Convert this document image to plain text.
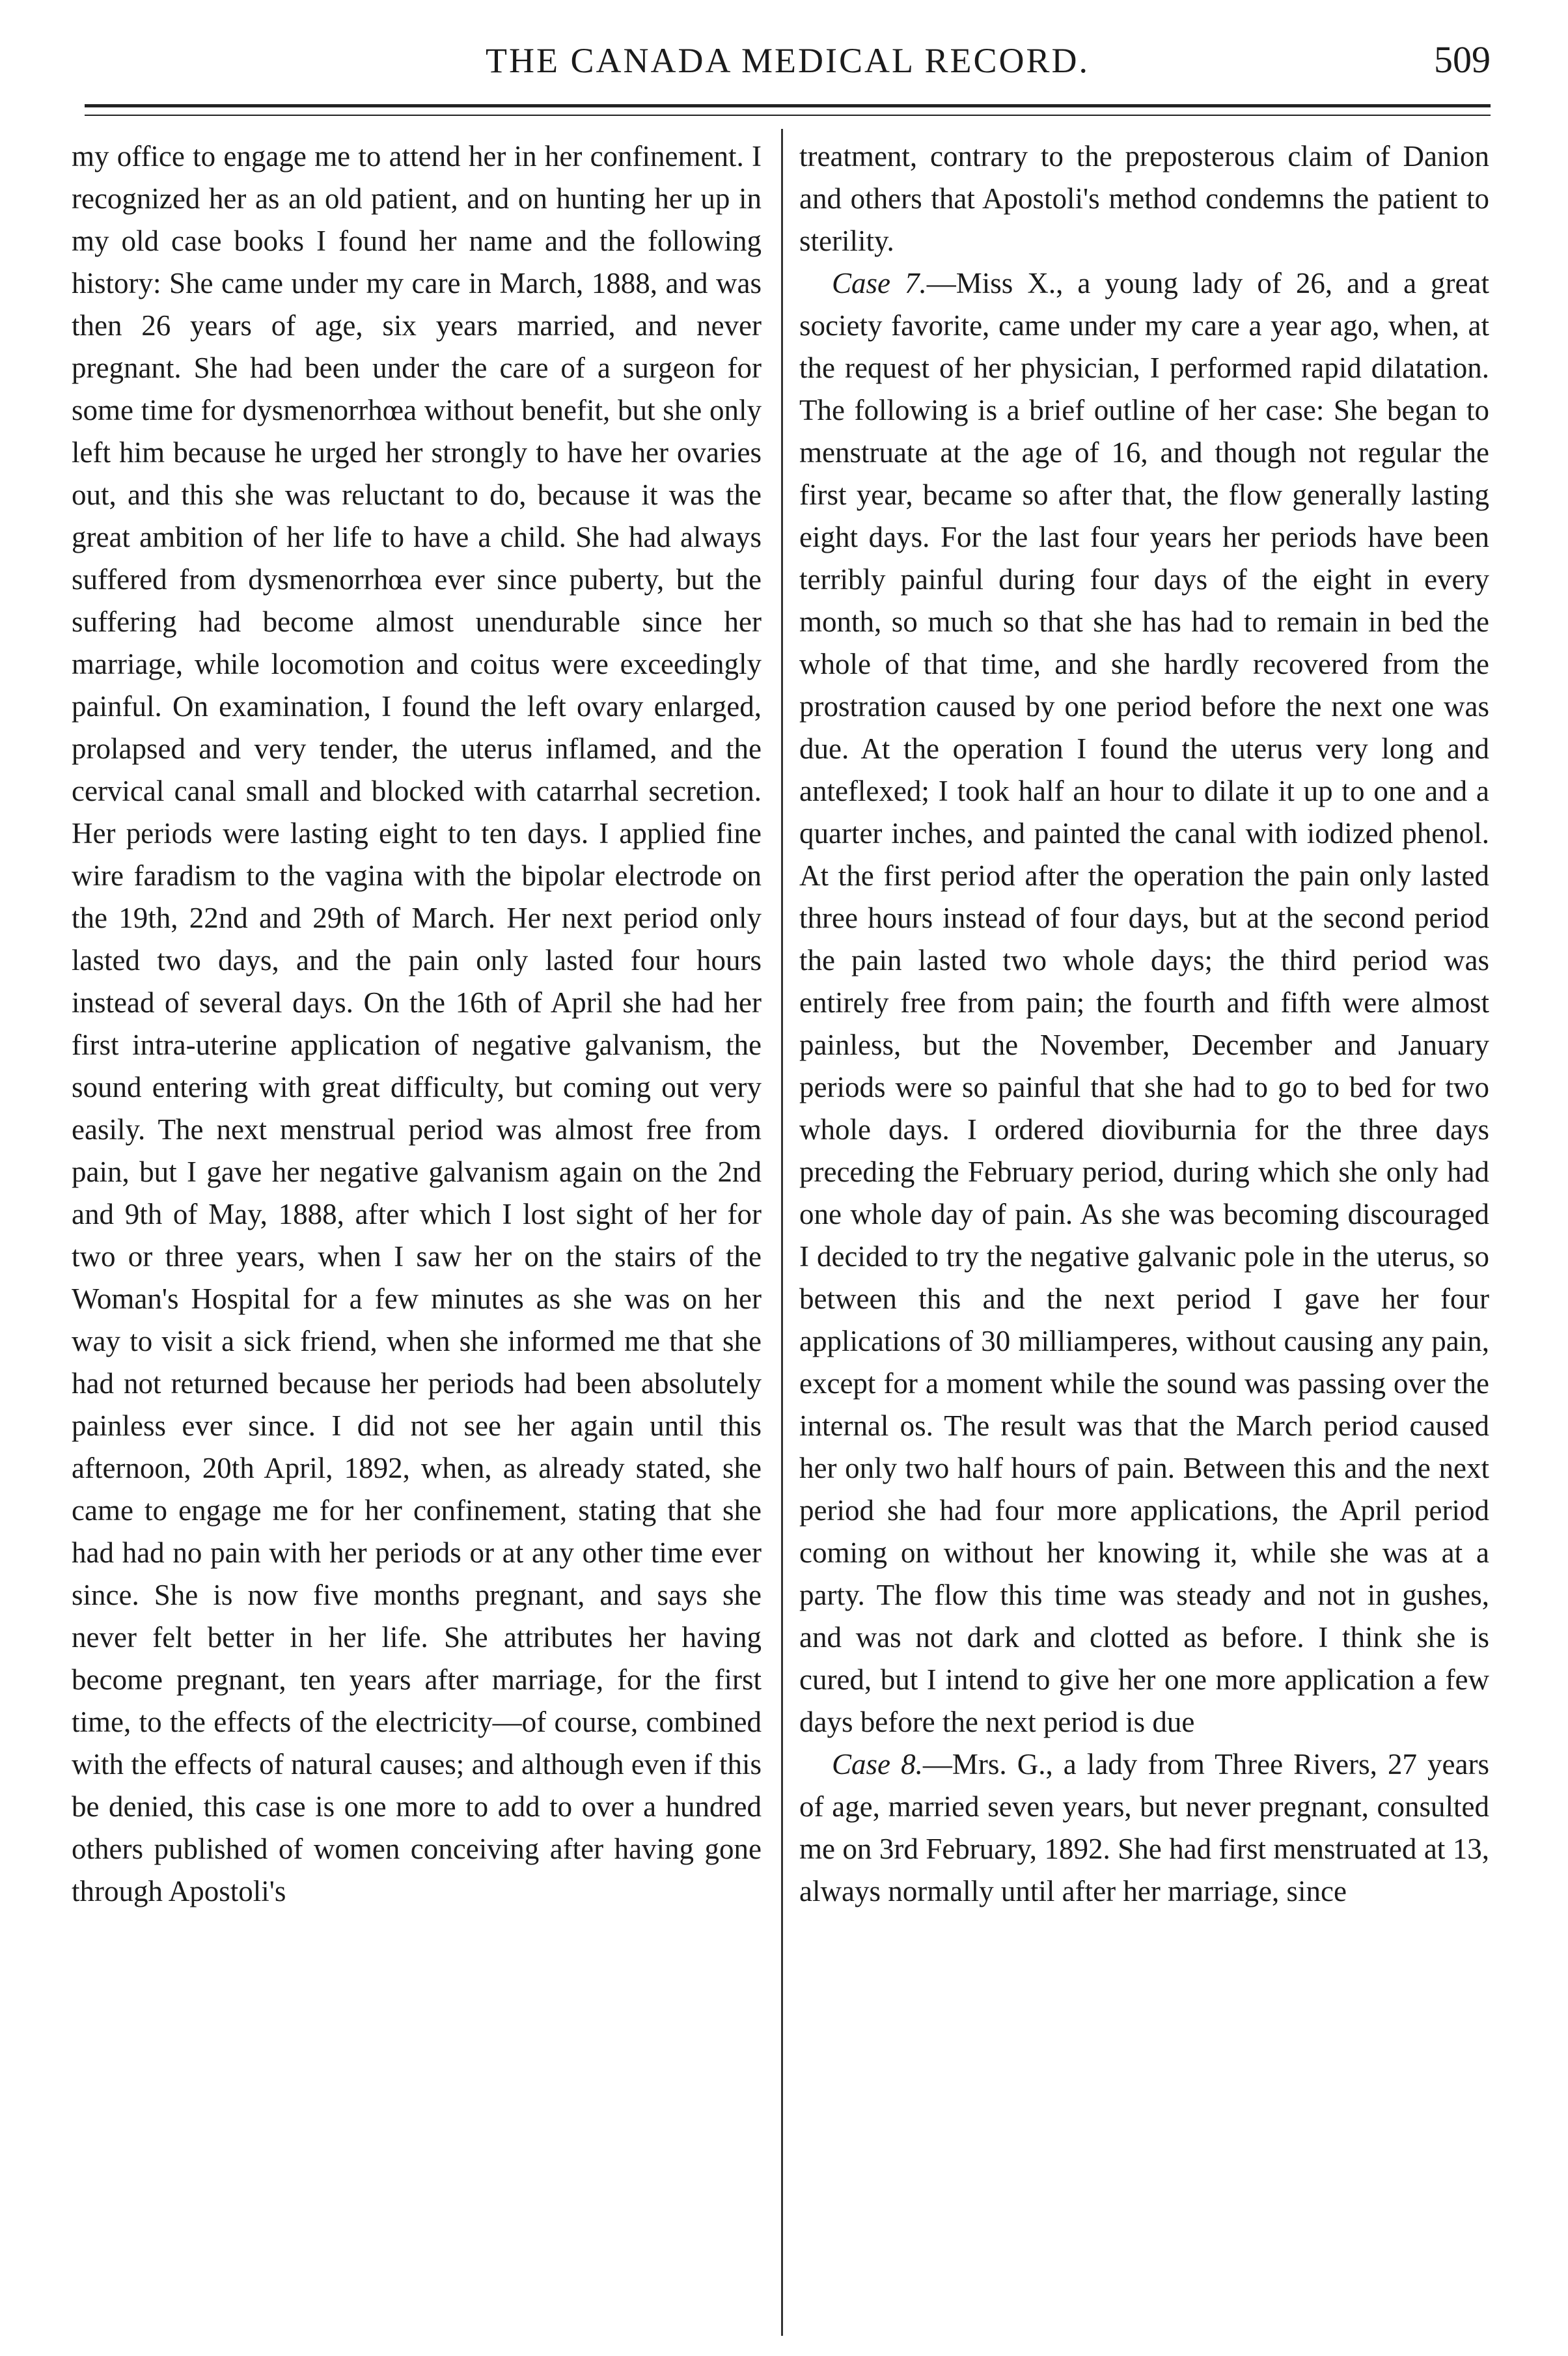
THE CANADA MEDICAL RECORD.	509

my office to engage me to attend her in her confinement. I recognized her as an old patient, and on hunting her up in my old case books I found her name and the following history: She came under my care in March, 1888, and was then 26 years of age, six years married, and never pregnant. She had been under the care of a surgeon for some time for dysmenorrhœa without benefit, but she only left him because he urged her strongly to have her ovaries out, and this she was reluctant to do, because it was the great ambition of her life to have a child. She had always suffered from dysmenorrhœa ever since puberty, but the suffering had become almost unendurable since her marriage, while locomotion and coitus were exceedingly painful. On examination, I found the left ovary enlarged, prolapsed and very tender, the uterus inflamed, and the cervical canal small and blocked with catarrhal secretion. Her periods were lasting eight to ten days. I applied fine wire faradism to the vagina with the bipolar electrode on the 19th, 22nd and 29th of March. Her next period only lasted two days, and the pain only lasted four hours instead of several days. On the 16th of April she had her first intra-uterine application of negative galvanism, the sound entering with great difficulty, but coming out very easily. The next menstrual period was almost free from pain, but I gave her negative galvanism again on the 2nd and 9th of May, 1888, after which I lost sight of her for two or three years, when I saw her on the stairs of the Woman's Hospital for a few minutes as she was on her way to visit a sick friend, when she informed me that she had not returned because her periods had been absolutely painless ever since. I did not see her again until this afternoon, 20th April, 1892, when, as already stated, she came to engage me for her confinement, stating that she had had no pain with her periods or at any other time ever since. She is now five months pregnant, and says she never felt better in her life. She attributes her having become pregnant, ten years after marriage, for the first time, to the effects of the electricity—of course, combined with the effects of natural causes; and although even if this be denied, this case is one more to add to over a hundred others published of women conceiving after having gone through Apostoli's

treatment, contrary to the preposterous claim of Danion and others that Apostoli's method condemns the patient to sterility.

Case 7.—Miss X., a young lady of 26, and a great society favorite, came under my care a year ago, when, at the request of her physician, I performed rapid dilatation. The following is a brief outline of her case: She began to menstruate at the age of 16, and though not regular the first year, became so after that, the flow generally lasting eight days. For the last four years her periods have been terribly painful during four days of the eight in every month, so much so that she has had to remain in bed the whole of that time, and she hardly recovered from the prostration caused by one period before the next one was due. At the operation I found the uterus very long and anteflexed; I took half an hour to dilate it up to one and a quarter inches, and painted the canal with iodized phenol. At the first period after the operation the pain only lasted three hours instead of four days, but at the second period the pain lasted two whole days; the third period was entirely free from pain; the fourth and fifth were almost painless, but the November, December and January periods were so painful that she had to go to bed for two whole days. I ordered dioviburnia for the three days preceding the February period, during which she only had one whole day of pain. As she was becoming discouraged I decided to try the negative galvanic pole in the uterus, so between this and the next period I gave her four applications of 30 milliamperes, without causing any pain, except for a moment while the sound was passing over the internal os. The result was that the March period caused her only two half hours of pain. Between this and the next period she had four more applications, the April period coming on without her knowing it, while she was at a party. The flow this time was steady and not in gushes, and was not dark and clotted as before. I think she is cured, but I intend to give her one more application a few days before the next period is due

Case 8.—Mrs. G., a lady from Three Rivers, 27 years of age, married seven years, but never pregnant, consulted me on 3rd February, 1892. She had first menstruated at 13, always normally until after her marriage, since
